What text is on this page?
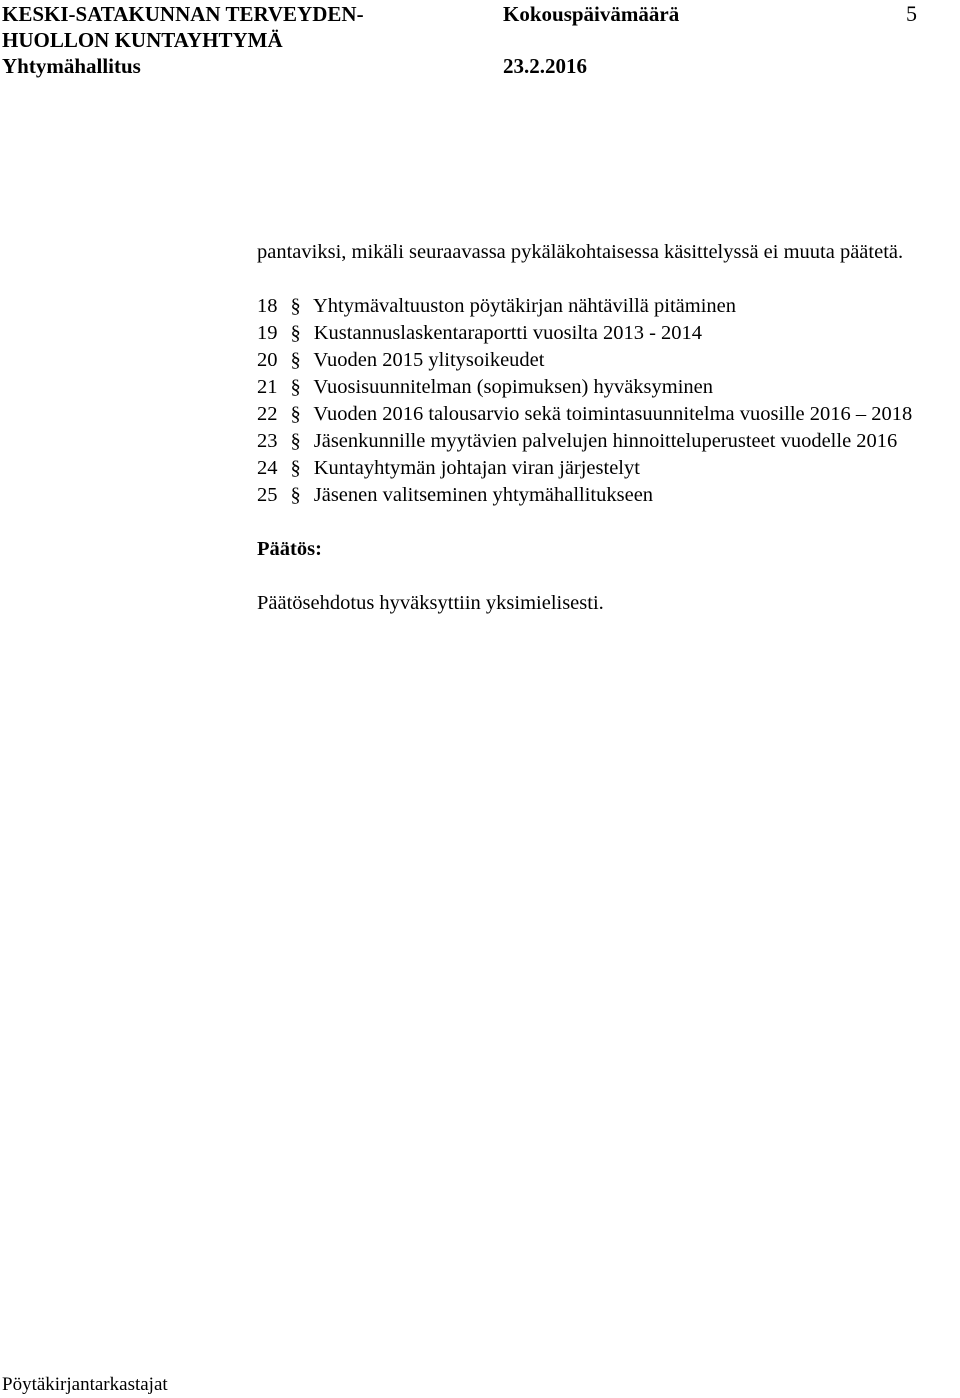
KESKI-SATAKUNNAN TERVEYDEN-
HUOLLON KUNTAYHTYMÄ
Yhtymähallitus
Kokouspäivämäärä
23.2.2016
5

pantaviksi, mikäli seuraavassa pykäläkohtaisessa käsittelyssä ei muuta päätetä.

18 § Yhtymävaltuuston pöytäkirjan nähtävillä pitäminen
19 § Kustannuslaskentaraportti vuosilta 2013 - 2014
20 § Vuoden 2015 ylitysoikeudet
21 § Vuosisuunnitelman (sopimuksen) hyväksyminen
22 § Vuoden 2016 talousarvio sekä toimintasuunnitelma vuosille 2016 – 2018
23 § Jäsenkunnille myytävien palvelujen hinnoitteluperusteet vuodelle 2016
24 § Kuntayhtymän johtajan viran järjestelyt
25 § Jäsenen valitseminen yhtymähallitukseen

Päätös:

Päätösehdotus hyväksyttiin yksimielisesti.

Pöytäkirjantarkastajat
